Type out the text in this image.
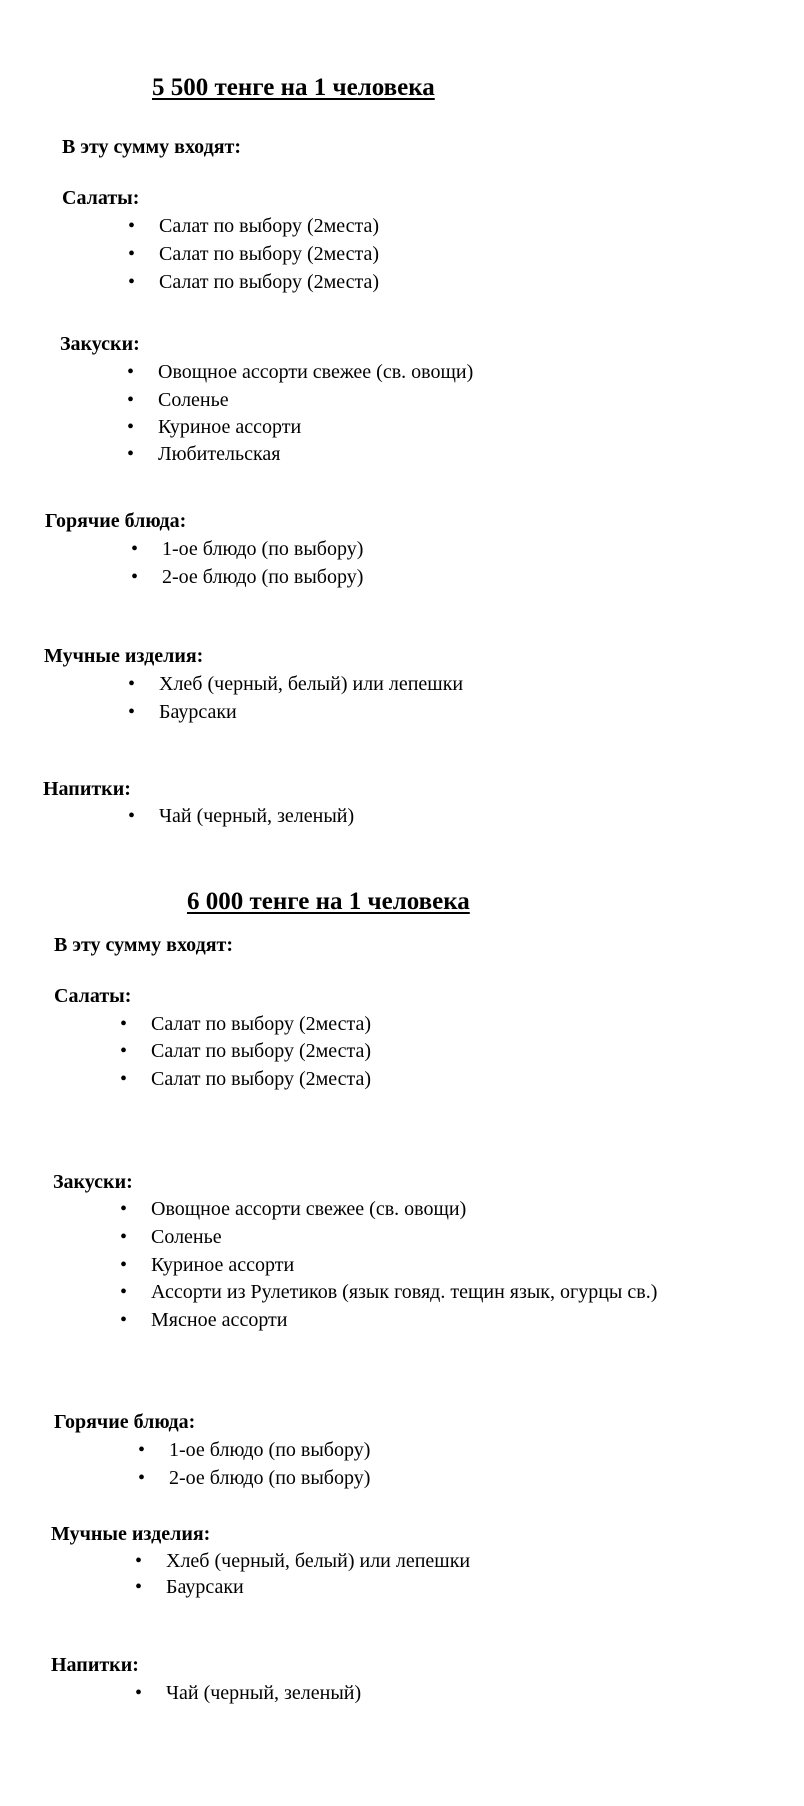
5 500 тенге на 1 человека
В эту сумму входят:
Салаты:
• Салат по выбору (2места)
• Салат по выбору (2места)
• Салат по выбору (2места)
Закуски:
• Овощное ассорти свежее (св. овощи)
• Соленье
• Куриное ассорти
• Любительская
Горячие блюда:
• 1-ое блюдо (по выбору)
• 2-ое блюдо (по выбору)
Мучные изделия:
• Хлеб (черный, белый) или лепешки
• Баурсаки
Напитки:
• Чай (черный, зеленый)
6 000 тенге на 1 человека
В эту сумму входят:
Салаты:
• Салат по выбору (2места)
• Салат по выбору (2места)
• Салат по выбору (2места)
Закуски:
• Овощное ассорти свежее (св. овощи)
• Соленье
• Куриное ассорти
• Ассорти из Рулетиков (язык говяд. тещин язык, огурцы св.)
• Мясное ассорти
Горячие блюда:
• 1-ое блюдо (по выбору)
• 2-ое блюдо (по выбору)
Мучные изделия:
• Хлеб (черный, белый) или лепешки
• Баурсаки
Напитки:
• Чай (черный, зеленый)
